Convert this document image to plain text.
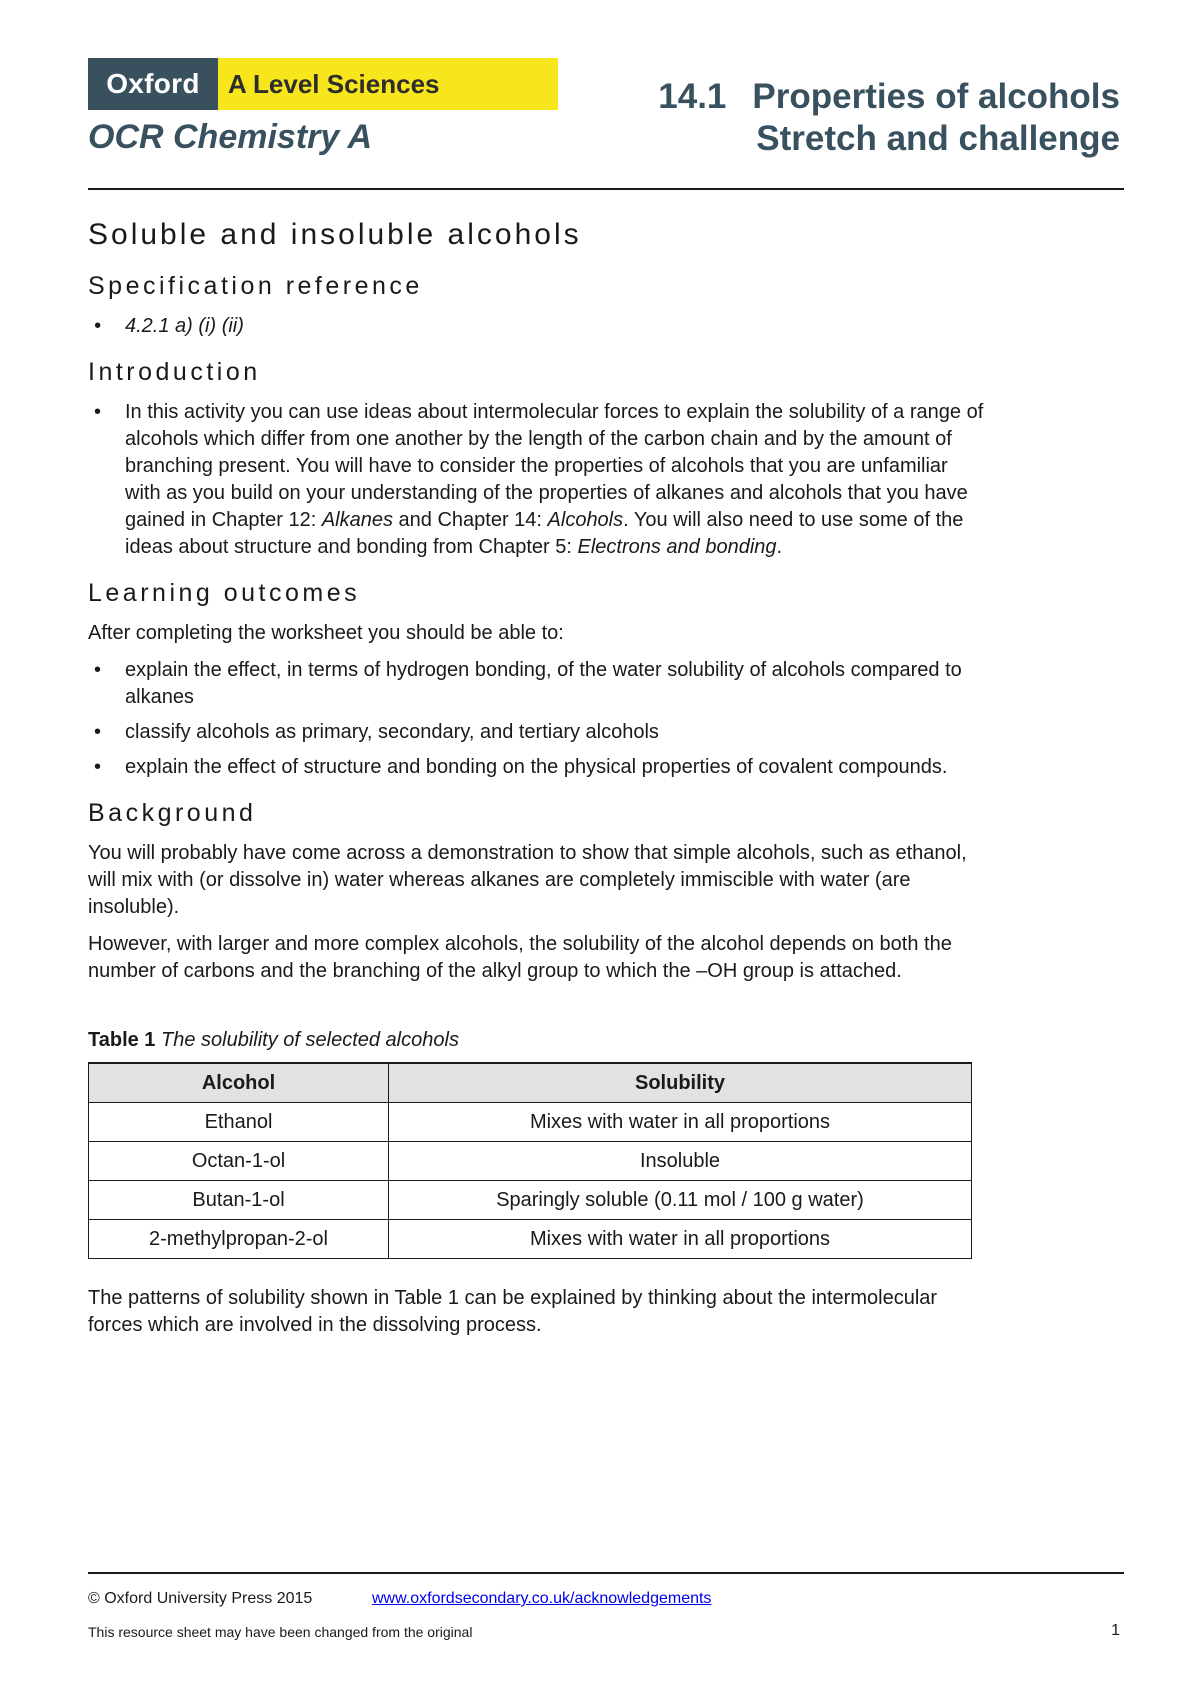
Oxford	A Level Sciences
OCR Chemistry A
14.1 Properties of alcohols
Stretch and challenge
Soluble and insoluble alcohols
Specification reference
• 4.2.1 a) (i) (ii)
Introduction
• In this activity you can use ideas about intermolecular forces to explain the solubility of a range of alcohols which differ from one another by the length of the carbon chain and by the amount of branching present. You will have to consider the properties of alcohols that you are unfamiliar with as you build on your understanding of the properties of alkanes and alcohols that you have gained in Chapter 12: Alkanes and Chapter 14: Alcohols. You will also need to use some of the ideas about structure and bonding from Chapter 5: Electrons and bonding.
Learning outcomes

After completing the worksheet you should be able to:

• explain the effect, in terms of hydrogen bonding, of the water solubility of alcohols compared to alkanes
• classify alcohols as primary, secondary, and tertiary alcohols
• explain the effect of structure and bonding on the physical properties of covalent compounds.
Background

You will probably have come across a demonstration to show that simple alcohols, such as ethanol, will mix with (or dissolve in) water whereas alkanes are completely immiscible with water (are insoluble).

However, with larger and more complex alcohols, the solubility of the alcohol depends on both the number of carbons and the branching of the alkyl group to which the –OH group is attached.

Table 1 The solubility of selected alcohols
Alcohol	Solubility
Ethanol	Mixes with water in all proportions
Octan-1-ol	Insoluble
Butan-1-ol	Sparingly soluble (0.11 mol / 100 g water)
2-methylpropan-2-ol	Mixes with water in all proportions

The patterns of solubility shown in Table 1 can be explained by thinking about the intermolecular forces which are involved in the dissolving process.

© Oxford University Press 2015	www.oxfordsecondary.co.uk/acknowledgements
This resource sheet may have been changed from the original	1
